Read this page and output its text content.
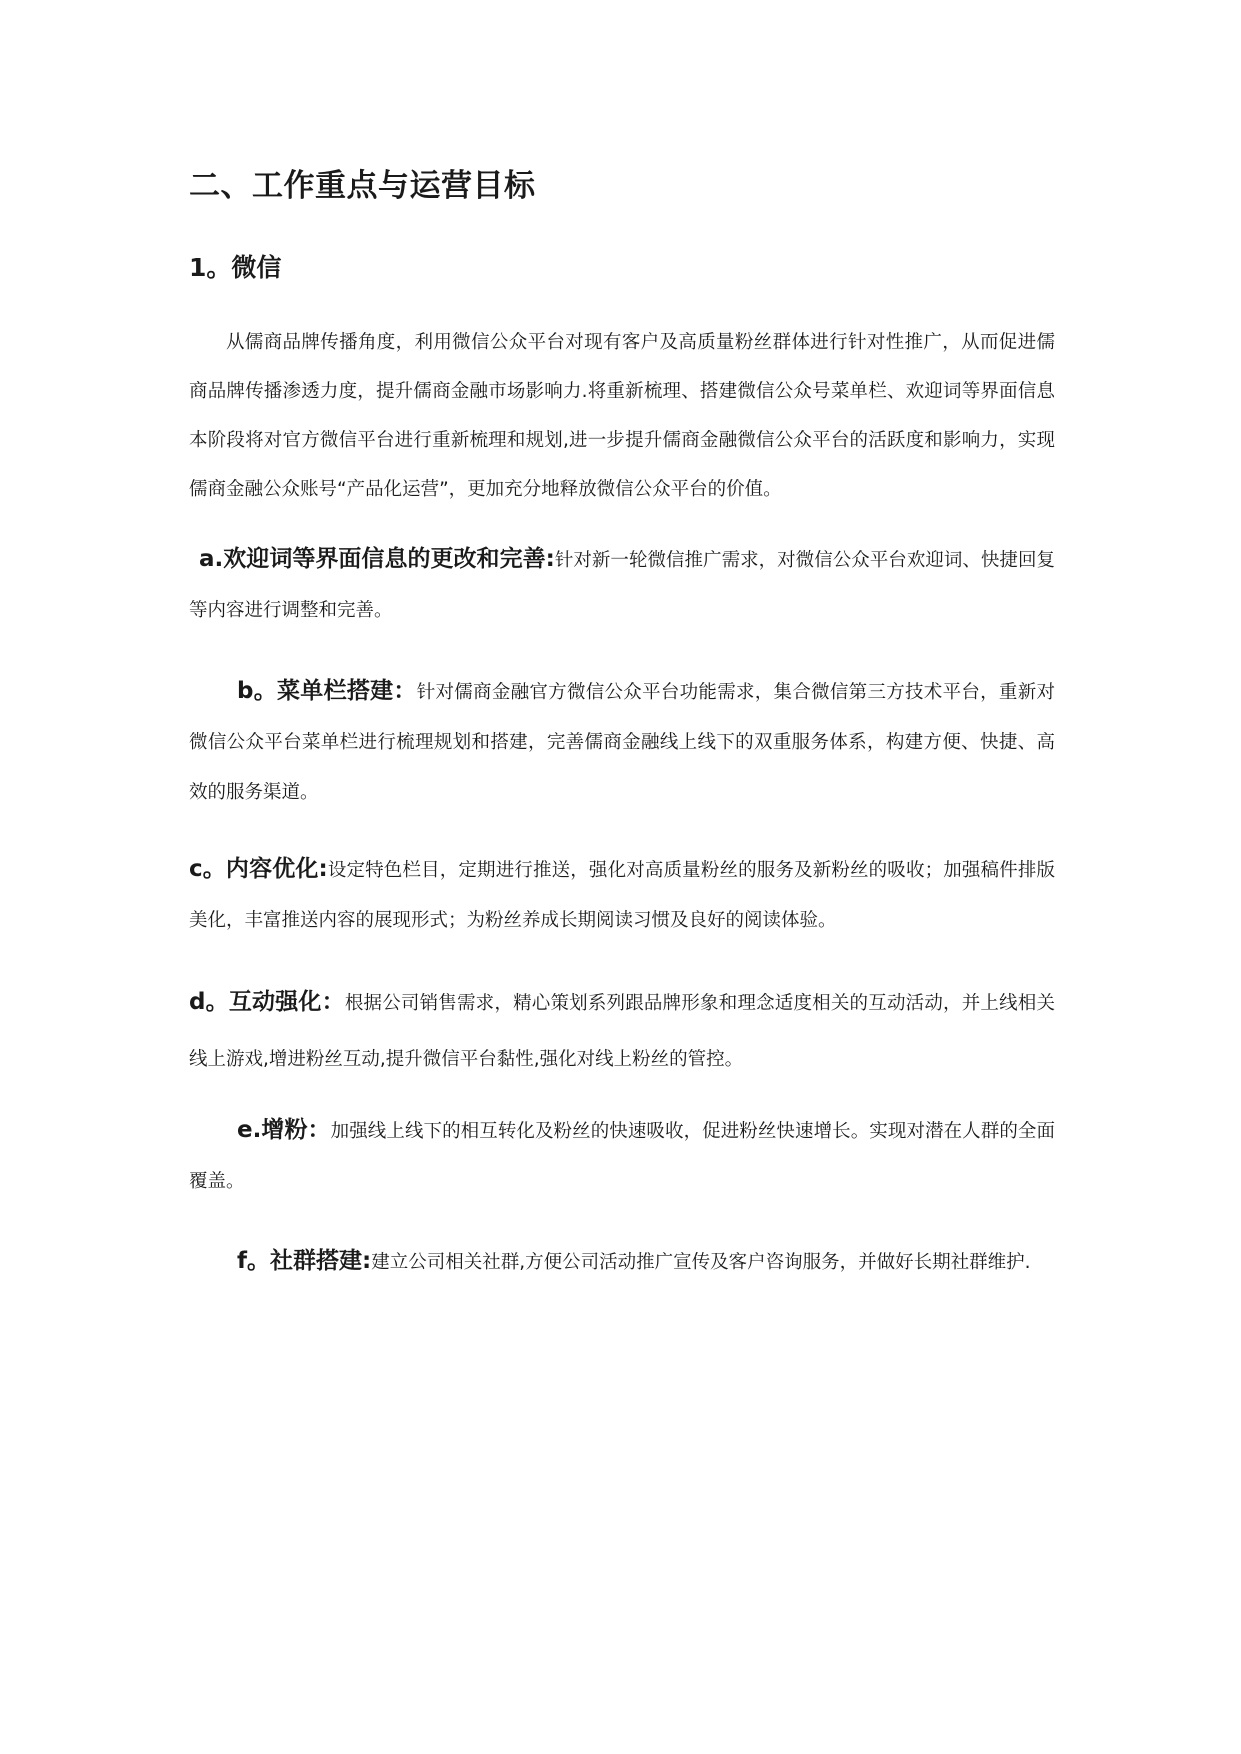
二、工作重点与运营目标
1。微信

从儒商品牌传播角度，利用微信公众平台对现有客户及高质量粉丝群体进行针对性推广，从而促进儒商品牌传播渗透力度，提升儒商金融市场影响力.将重新梳理、搭建微信公众号菜单栏、欢迎词等界面信息本阶段将对官方微信平台进行重新梳理和规划,进一步提升儒商金融微信公众平台的活跃度和影响力，实现儒商金融公众账号“产品化运营”，更加充分地释放微信公众平台的价值。

a.欢迎词等界面信息的更改和完善:针对新一轮微信推广需求，对微信公众平台欢迎词、快捷回复等内容进行调整和完善。

b。菜单栏搭建：针对儒商金融官方微信公众平台功能需求，集合微信第三方技术平台，重新对微信公众平台菜单栏进行梳理规划和搭建，完善儒商金融线上线下的双重服务体系，构建方便、快捷、高效的服务渠道。

c。内容优化:设定特色栏目，定期进行推送，强化对高质量粉丝的服务及新粉丝的吸收；加强稿件排版美化，丰富推送内容的展现形式；为粉丝养成长期阅读习惯及良好的阅读体验。

d。互动强化：根据公司销售需求，精心策划系列跟品牌形象和理念适度相关的互动活动，并上线相关线上游戏,增进粉丝互动,提升微信平台黏性,强化对线上粉丝的管控。

e.增粉：加强线上线下的相互转化及粉丝的快速吸收，促进粉丝快速增长。实现对潜在人群的全面覆盖。

f。社群搭建:建立公司相关社群,方便公司活动推广宣传及客户咨询服务，并做好长期社群维护.
